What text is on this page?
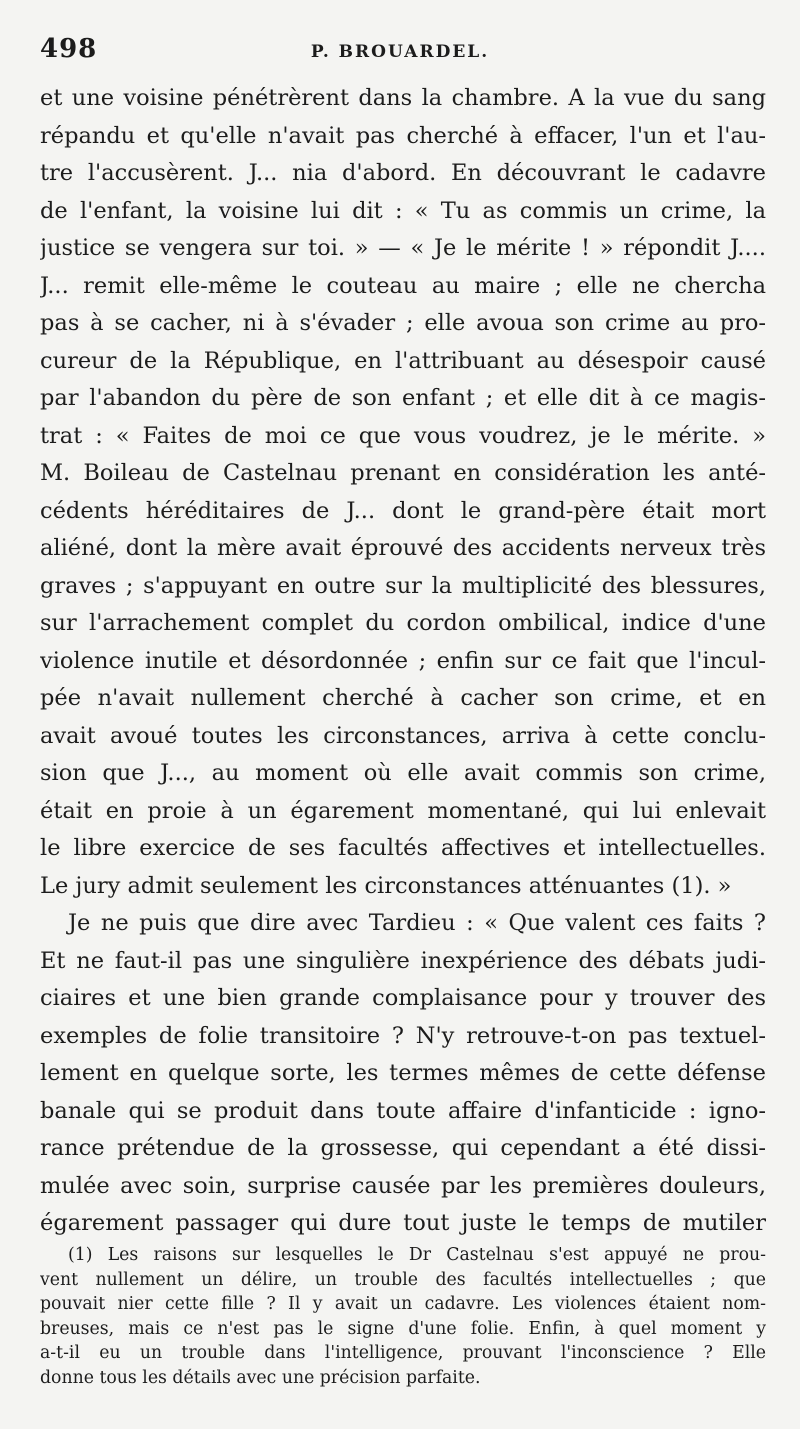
498	P. BROUARDEL.
et une voisine pénétrèrent dans la chambre. A la vue du sang
répandu et qu'elle n'avait pas cherché à effacer, l'un et l'au-
tre l'accusèrent. J... nia d'abord. En découvrant le cadavre
de l'enfant, la voisine lui dit : « Tu as commis un crime, la
justice se vengera sur toi. » — « Je le mérite ! » répondit J....
J... remit elle-même le couteau au maire ; elle ne chercha
pas à se cacher, ni à s'évader ; elle avoua son crime au pro-
cureur de la République, en l'attribuant au désespoir causé
par l'abandon du père de son enfant ; et elle dit à ce magis-
trat : « Faites de moi ce que vous voudrez, je le mérite. »
M. Boileau de Castelnau prenant en considération les anté-
cédents héréditaires de J... dont le grand-père était mort
aliéné, dont la mère avait éprouvé des accidents nerveux très
graves ; s'appuyant en outre sur la multiplicité des blessures,
sur l'arrachement complet du cordon ombilical, indice d'une
violence inutile et désordonnée ; enfin sur ce fait que l'incul-
pée n'avait nullement cherché à cacher son crime, et en
avait avoué toutes les circonstances, arriva à cette conclu-
sion que J..., au moment où elle avait commis son crime,
était en proie à un égarement momentané, qui lui enlevait
le libre exercice de ses facultés affectives et intellectuelles.
Le jury admit seulement les circonstances atténuantes (1). »
Je ne puis que dire avec Tardieu : « Que valent ces faits ?
Et ne faut-il pas une singulière inexpérience des débats judi-
ciaires et une bien grande complaisance pour y trouver des
exemples de folie transitoire ? N'y retrouve-t-on pas textuel-
lement en quelque sorte, les termes mêmes de cette défense
banale qui se produit dans toute affaire d'infanticide : igno-
rance prétendue de la grossesse, qui cependant a été dissi-
mulée avec soin, surprise causée par les premières douleurs,
égarement passager qui dure tout juste le temps de mutiler
(1) Les raisons sur lesquelles le Dr Castelnau s'est appuyé ne prou-
vent nullement un délire, un trouble des facultés intellectuelles ; que
pouvait nier cette fille ? Il y avait un cadavre. Les violences étaient nom-
breuses, mais ce n'est pas le signe d'une folie. Enfin, à quel moment y
a-t-il eu un trouble dans l'intelligence, prouvant l'inconscience ? Elle
donne tous les détails avec une précision parfaite.
